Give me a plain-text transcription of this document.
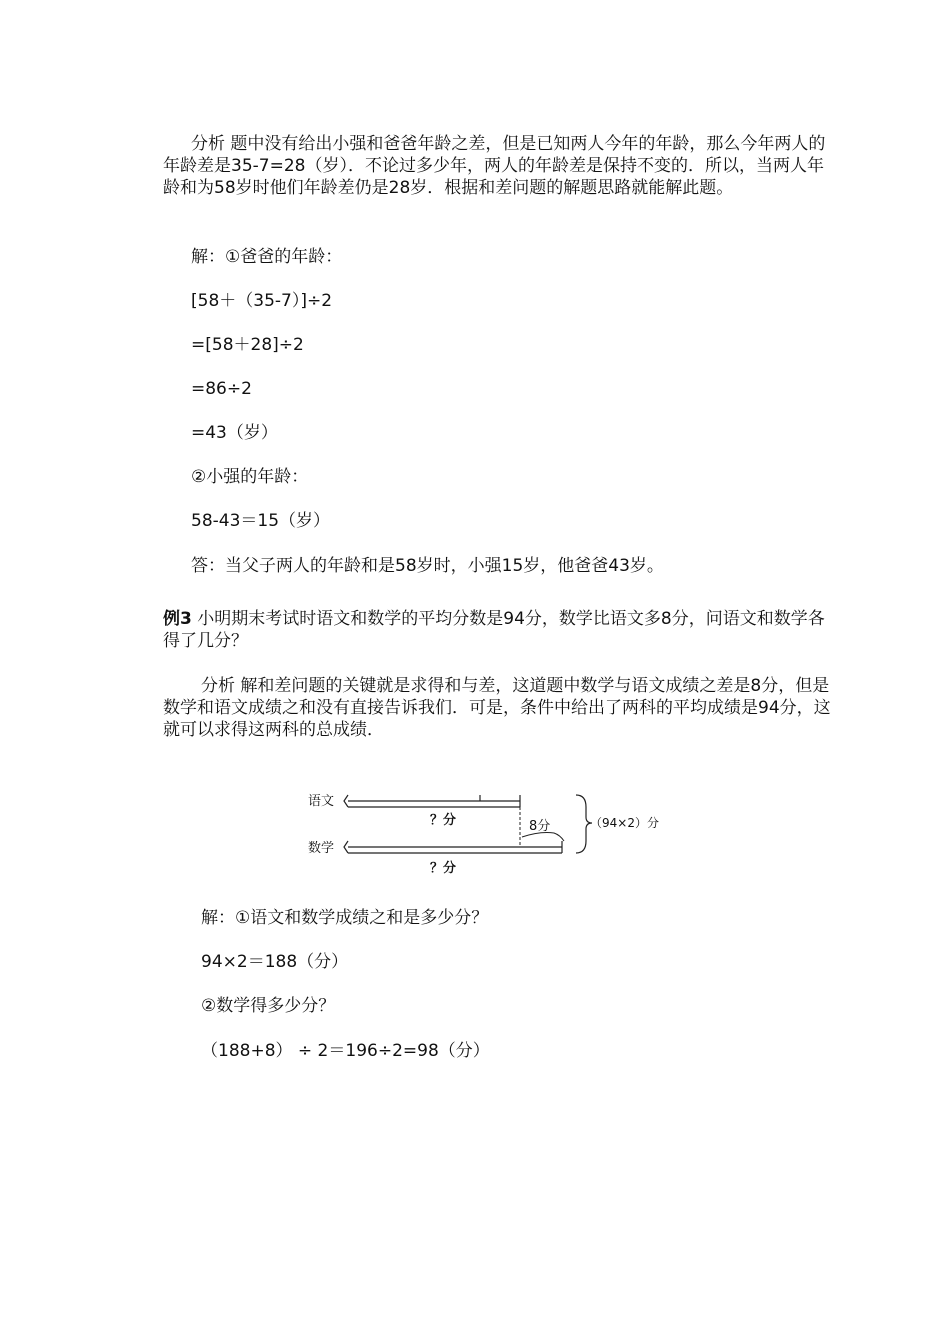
分析 题中没有给出小强和爸爸年龄之差，但是已知两人今年的年龄，那么今年两人的年龄差是35-7=28（岁）．不论过多少年，两人的年龄差是保持不变的．所以，当两人年龄和为58岁时他们年龄差仍是28岁．根据和差问题的解题思路就能解此题。
解：①爸爸的年龄：
[58＋（35-7）]÷2
=[58＋28]÷2
=86÷2
=43（岁）
②小强的年龄：
58-43＝15（岁）
答：当父子两人的年龄和是58岁时，小强15岁，他爸爸43岁。
例3 小明期末考试时语文和数学的平均分数是94分，数学比语文多8分，问语文和数学各得了几分？
分析 解和差问题的关键就是求得和与差，这道题中数学与语文成绩之差是8分，但是数学和语文成绩之和没有直接告诉我们．可是，条件中给出了两科的平均成绩是94分，这就可以求得这两科的总成绩．
语文
数学
？分	8分
？分
（94×2）分
解：①语文和数学成绩之和是多少分？
94×2＝188（分）
②数学得多少分？
（188+8） ÷ 2＝196÷2=98（分）
